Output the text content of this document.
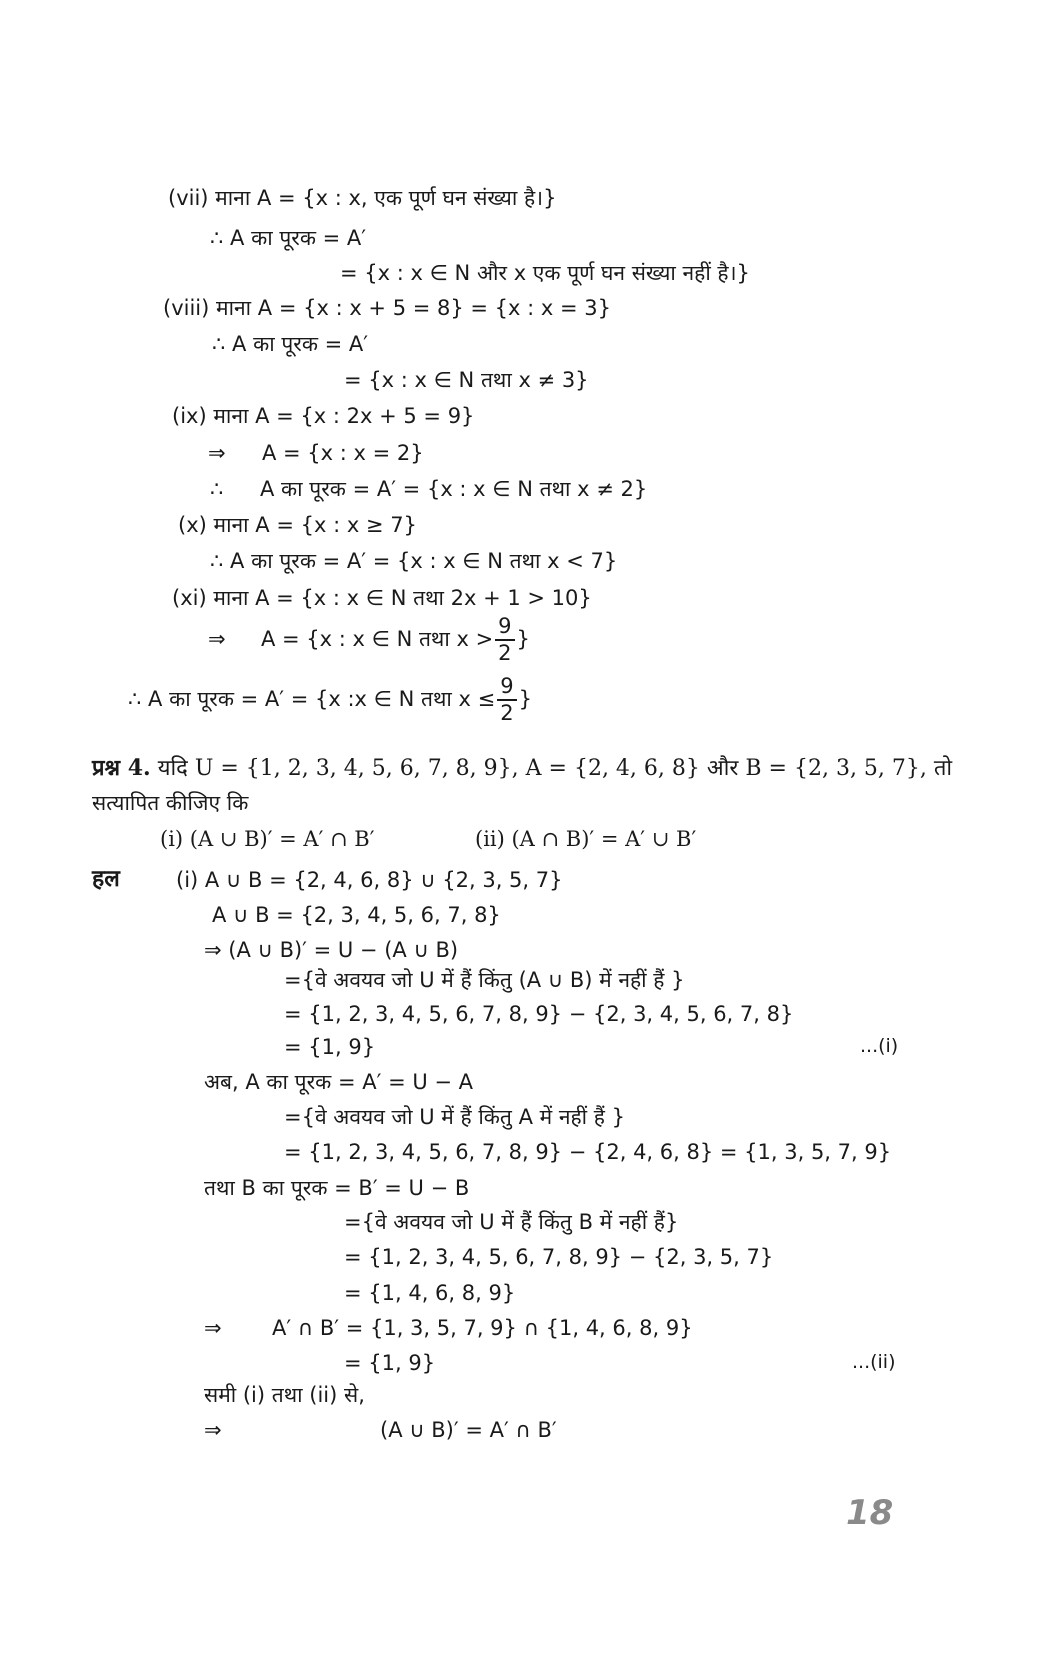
(vii) माना A = {x : x, एक पूर्ण घन संख्या है।}
∴ A का पूरक = A′
= {x : x ∈ N और x एक पूर्ण घन संख्या नहीं है।}
(viii) माना A = {x : x + 5 = 8} = {x : x = 3}
∴ A का पूरक = A′
= {x : x ∈ N तथा x ≠ 3}
(ix) माना A = {x : 2x + 5 = 9}
⇒ A = {x : x = 2}
∴ A का पूरक = A′ = {x : x ∈ N तथा x ≠ 2}
(x) माना A = {x : x ≥ 7}
∴ A का पूरक = A′ = {x : x ∈ N तथा x < 7}
(xi) माना A = {x : x ∈ N तथा 2x + 1 > 10}
⇒ A = {x : x ∈ N तथा $x > \frac{9}{2}$ }
∴ A का पूरक = A′ = {x :x ∈ N तथा $x \le \frac{9}{2}$ }
प्रश्न 4. यदि U = {1, 2, 3, 4, 5, 6, 7, 8, 9}, A = {2, 4, 6, 8} और B = {2, 3, 5, 7}, तो
सत्यापित कीजिए कि
(i) (A ∪ B)′ = A′ ∩ B′	(ii) (A ∩ B)′ = A′ ∪ B′
हल	(i) A ∪ B = {2, 4, 6, 8} ∪ {2, 3, 5, 7}
A ∪ B = {2, 3, 4, 5, 6, 7, 8}
⇒ (A ∪ B)′ = U − (A ∪ B)
={वे अवयव जो U में हैं किंतु (A ∪ B) में नहीं हैं }
= {1, 2, 3, 4, 5, 6, 7, 8, 9} − {2, 3, 4, 5, 6, 7, 8}
= {1, 9}	...(i)
अब, A का पूरक = A′ = U − A
={वे अवयव जो U में हैं किंतु A में नहीं हैं }
= {1, 2, 3, 4, 5, 6, 7, 8, 9} − {2, 4, 6, 8} = {1, 3, 5, 7, 9}
तथा B का पूरक = B′ = U − B
={वे अवयव जो U में हैं किंतु B में नहीं हैं}
= {1, 2, 3, 4, 5, 6, 7, 8, 9} − {2, 3, 5, 7}
= {1, 4, 6, 8, 9}
⇒ A′ ∩ B′ = {1, 3, 5, 7, 9} ∩ {1, 4, 6, 8, 9}
= {1, 9}	...(ii)
समी (i) तथा (ii) से,
⇒	(A ∪ B)′ = A′ ∩ B′
18
